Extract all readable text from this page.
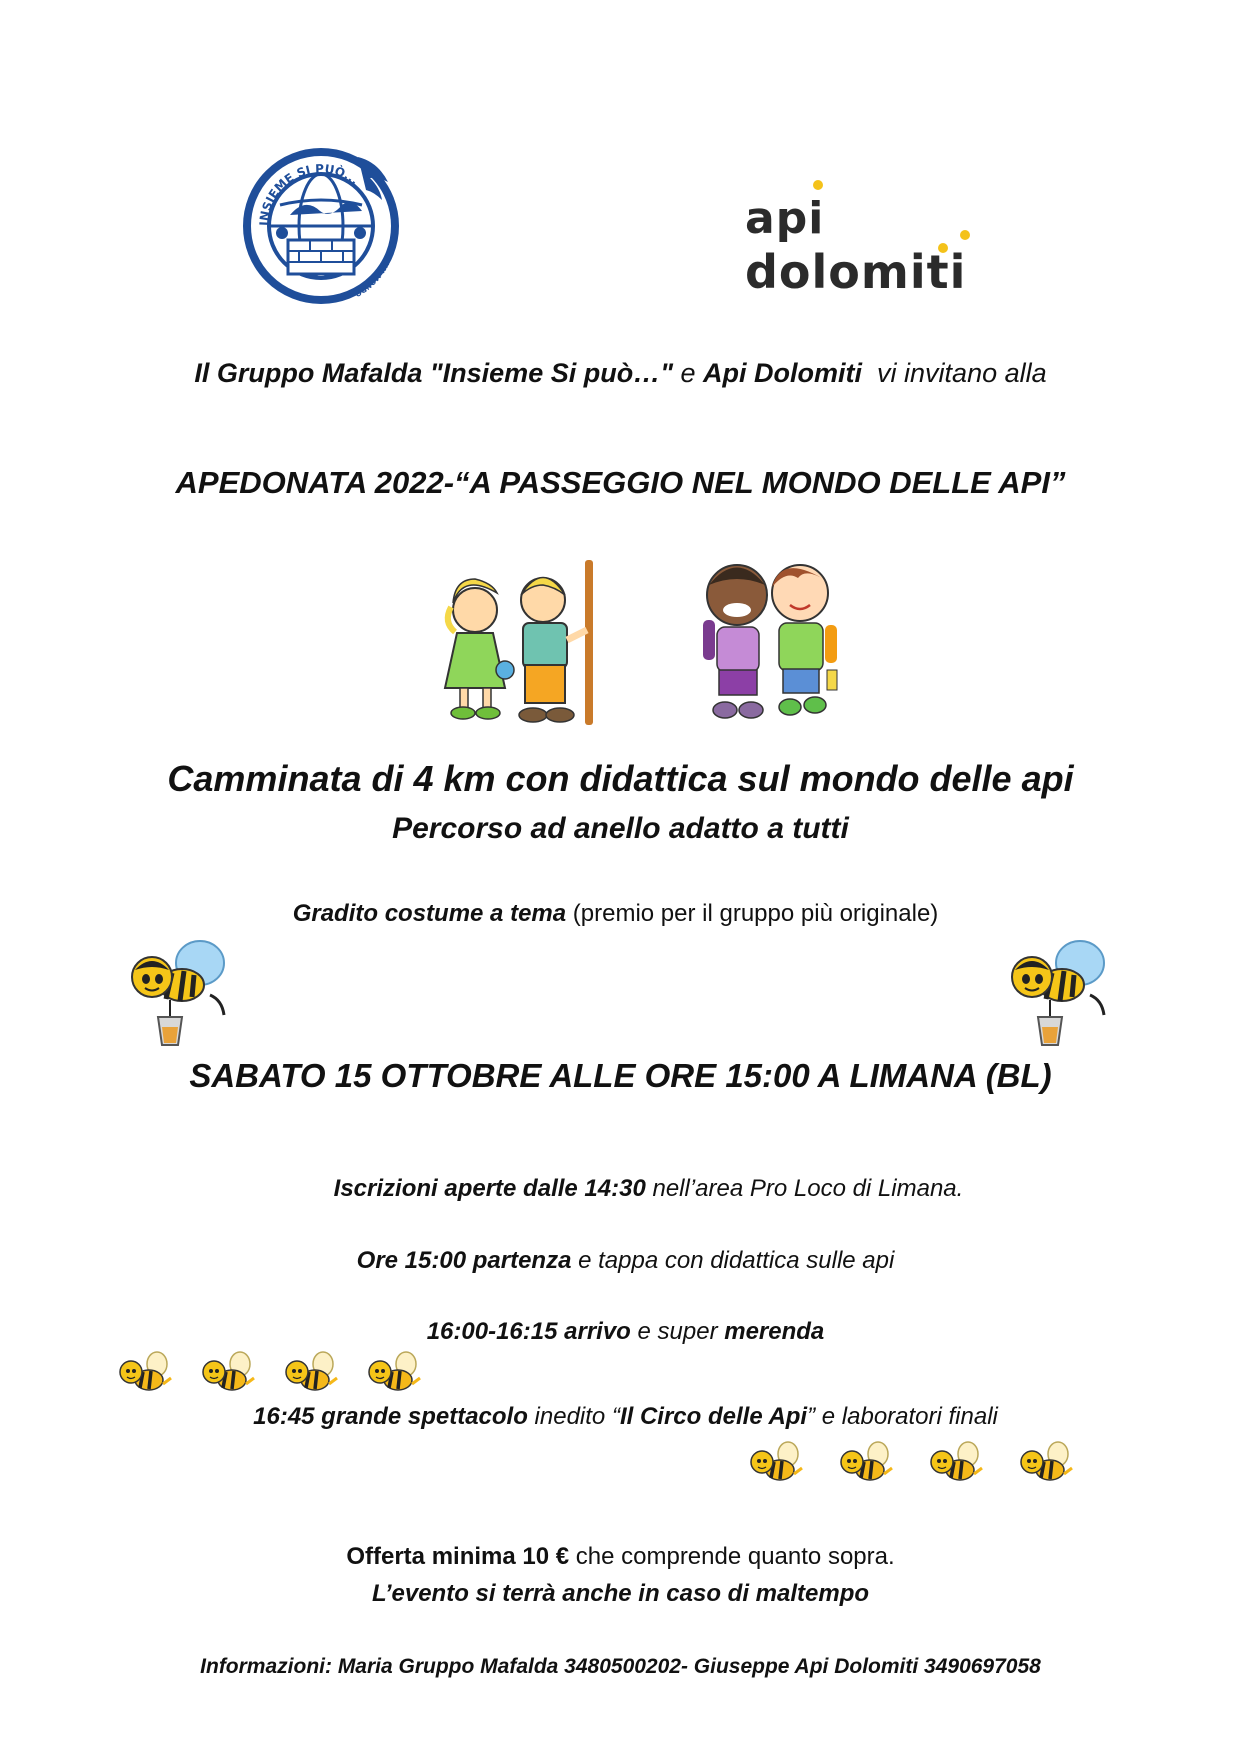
INSIEME SI PUÒ...
COSTRUIRE UN MONDO
api
dolomiti
Il Gruppo Mafalda "Insieme Si può…" e Api Dolomiti  vi invitano alla
APEDONATA 2022-“A PASSEGGIO NEL MONDO DELLE API”
Camminata di 4 km con didattica sul mondo delle api
Percorso ad anello adatto a tutti
Gradito costume a tema (premio per il gruppo più originale)
SABATO 15 OTTOBRE ALLE ORE 15:00 A LIMANA (BL)
Iscrizioni aperte dalle 14:30 nell’area Pro Loco di Limana.
Ore 15:00 partenza e tappa con didattica sulle api
16:00-16:15 arrivo e super merenda
16:45 grande spettacolo inedito “Il Circo delle Api” e laboratori finali
Offerta minima 10 € che comprende quanto sopra.
L’evento si terrà anche in caso di maltempo
Informazioni: Maria Gruppo Mafalda 3480500202- Giuseppe Api Dolomiti 3490697058
